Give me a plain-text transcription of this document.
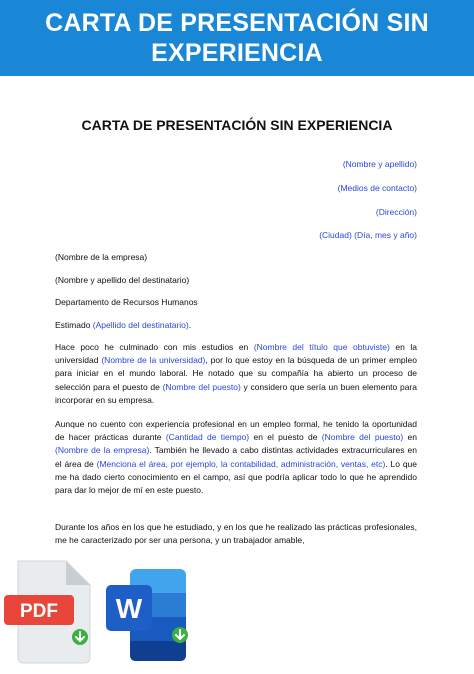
CARTA DE PRESENTACIÓN SIN EXPERIENCIA
CARTA DE PRESENTACIÓN SIN EXPERIENCIA
(Nombre y apellido)
(Medios de contacto)
(Dirección)
(Ciudad) (Día, mes y año)
(Nombre de la empresa)
(Nombre y apellido del destinatario)
Departamento de Recursos Humanos
Estimado (Apellido del destinatario).

Hace poco he culminado con mis estudios en (Nombre del título que obtuviste) en la universidad (Nombre de la universidad), por lo que estoy en la búsqueda de un primer empleo para iniciar en el mundo laboral. He notado que su compañía ha abierto un proceso de selección para el puesto de (Nombre del puesto) y considero que sería un buen elemento para incorporar en su empresa.

Aunque no cuento con experiencia profesional en un empleo formal, he tenido la oportunidad de hacer prácticas durante (Cantidad de tiempo) en el puesto de (Nombre del puesto) en (Nombre de la empresa). También he llevado a cabo distintas actividades extracurriculares en el área de (Menciona el área, por ejemplo, la contabilidad, administración, ventas, etc). Lo que me ha dado cierto conocimiento en el campo, así que podría aplicar todo lo que he aprendido para dar lo mejor de mí en este puesto.

Durante los años en los que he estudiado, y en los que he realizado las prácticas profesionales, me he caracterizado por ser una persona, y un trabajador amable,

PDF W
